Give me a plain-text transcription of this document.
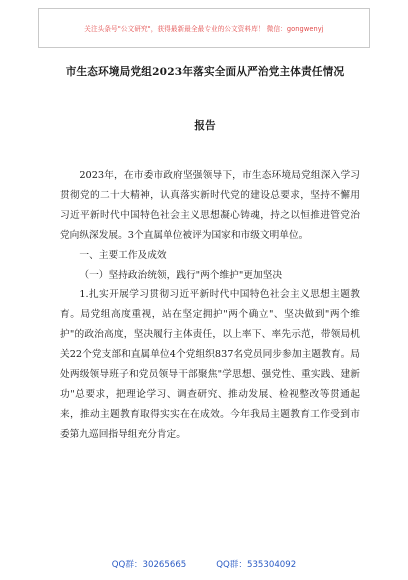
关注头条号"公文研究"，获得最新最全最专业的公文资料库！ 微信：gongwenyj
市生态环境局党组2023年落实全面从严治党主体责任情况
报告

2023年，在市委市政府坚强领导下，市生态环境局党组深入学习贯彻党的二十大精神，认真落实新时代党的建设总要求，坚持不懈用习近平新时代中国特色社会主义思想凝心铸魂，持之以恒推进管党治党向纵深发展。3个直属单位被评为国家和市级文明单位。

一、主要工作及成效

（一）坚持政治统领，践行"两个维护"更加坚决

1.扎实开展学习贯彻习近平新时代中国特色社会主义思想主题教育。局党组高度重视，站在坚定拥护"两个确立"、坚决做到"两个维护"的政治高度，坚决履行主体责任，以上率下、率先示范，带领局机关22个党支部和直属单位4个党组织837名党员同步参加主题教育。局处两级领导班子和党员领导干部聚焦"学思想、强党性、重实践、建新功"总要求，把理论学习、调查研究、推动发展、检视整改等贯通起来，推动主题教育取得实实在在成效。今年我局主题教育工作受到市委第九巡回指导组充分肯定。

QQ群：30265665	QQ群：535304092
